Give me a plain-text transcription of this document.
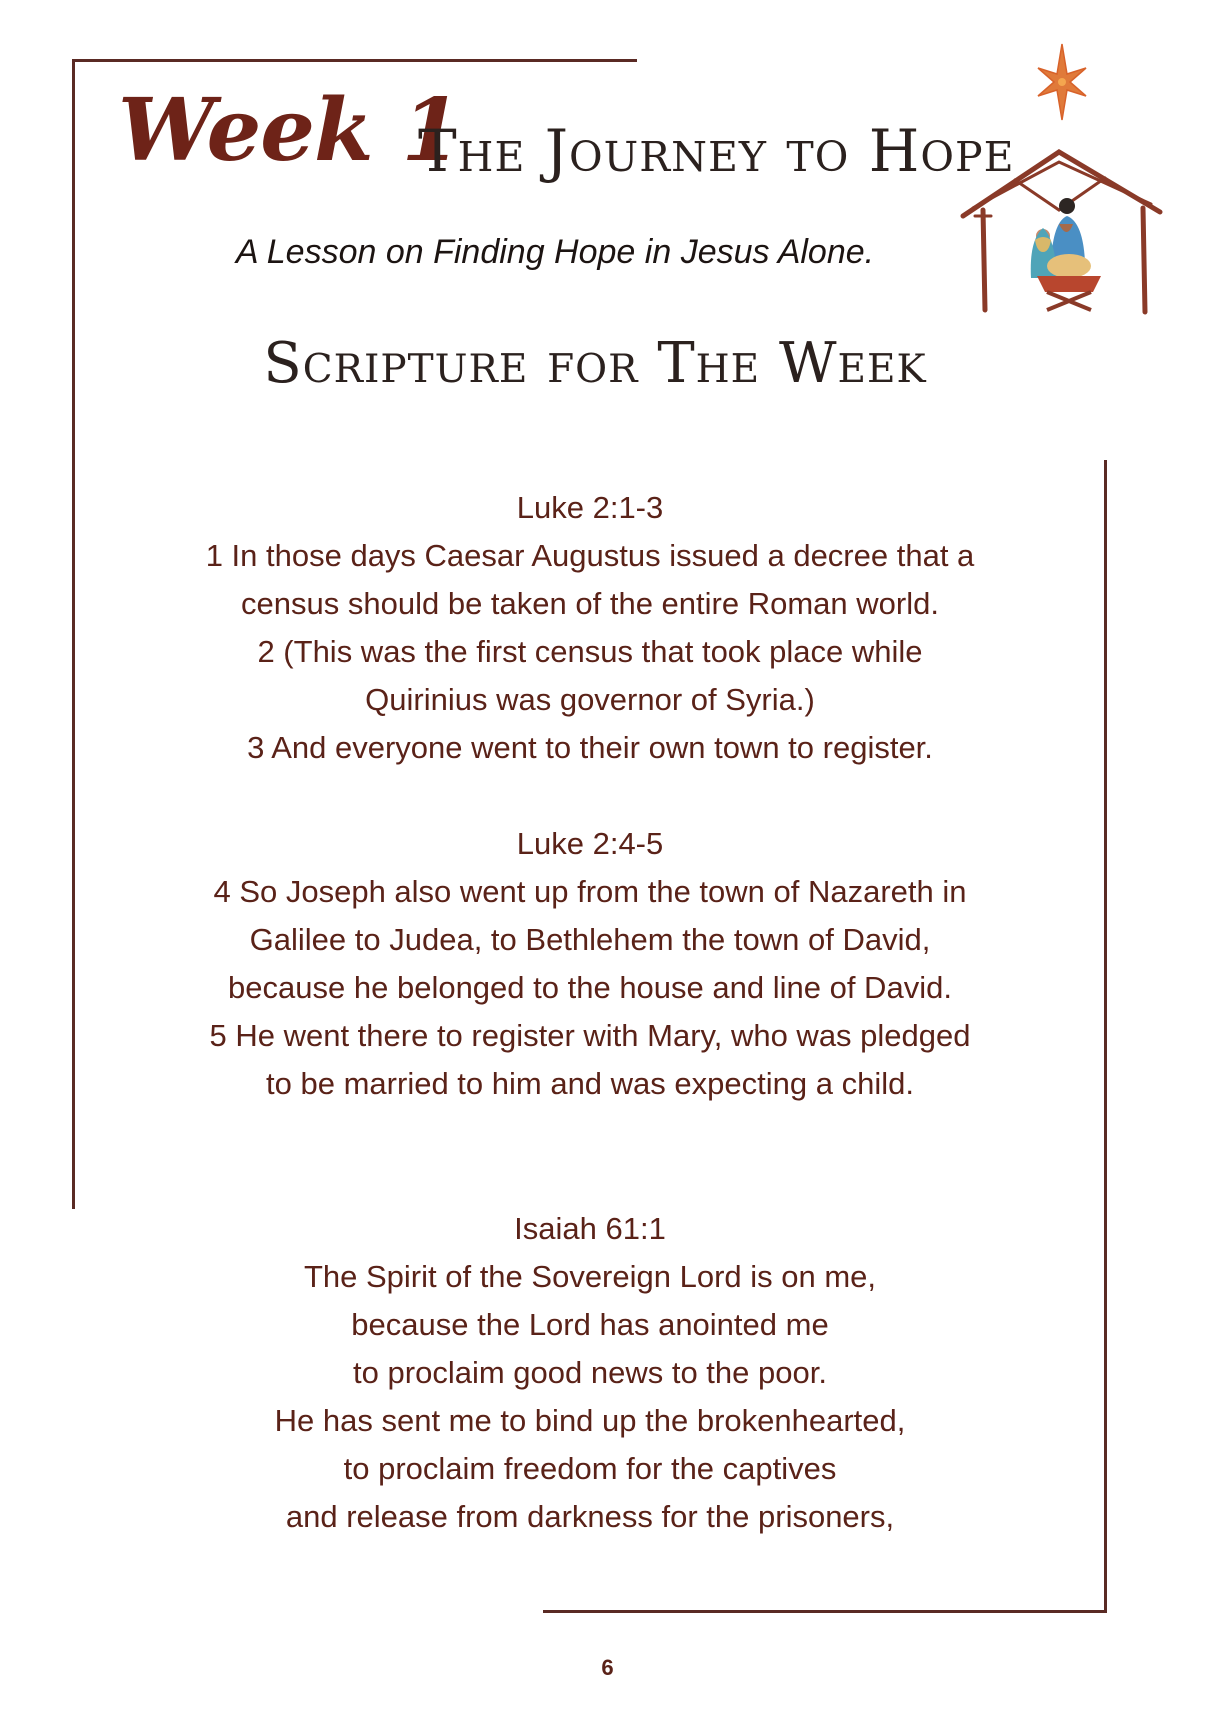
Week 1
The Journey to Hope
A Lesson on Finding Hope in Jesus Alone.
Scripture for The Week
Luke 2:1-3
1 In those days Caesar Augustus issued a decree that a
census should be taken of the entire Roman world.
2 (This was the first census that took place while
Quirinius was governor of Syria.)
3 And everyone went to their own town to register.
Luke 2:4-5
4 So Joseph also went up from the town of Nazareth in
Galilee to Judea, to Bethlehem the town of David,
because he belonged to the house and line of David.
5 He went there to register with Mary, who was pledged
to be married to him and was expecting a child.
Isaiah 61:1
The Spirit of the Sovereign Lord is on me,
because the Lord has anointed me
to proclaim good news to the poor.
He has sent me to bind up the brokenhearted,
to proclaim freedom for the captives
and release from darkness for the prisoners,
6
